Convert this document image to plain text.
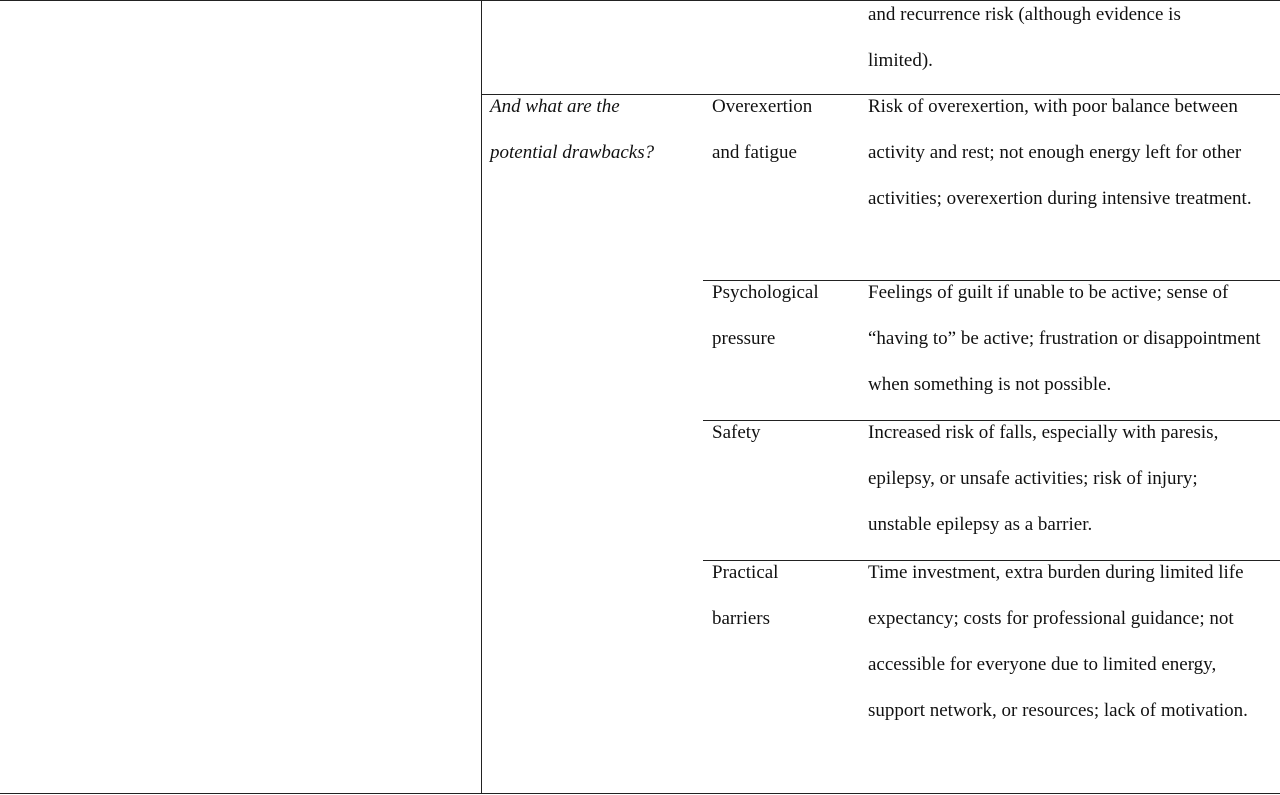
and recurrence risk (although evidence is limited).

And what are the potential drawbacks?

Overexertion and fatigue

Risk of overexertion, with poor balance between activity and rest; not enough energy left for other activities; overexertion during intensive treatment.

Psychological pressure

Feelings of guilt if unable to be active; sense of “having to” be active; frustration or disappointment when something is not possible.

Safety	Increased risk of falls, especially with paresis, epilepsy, or unsafe activities; risk of injury; unstable epilepsy as a barrier.

Practical barriers

Time investment, extra burden during limited life expectancy; costs for professional guidance; not accessible for everyone due to limited energy, support network, or resources; lack of motivation.
